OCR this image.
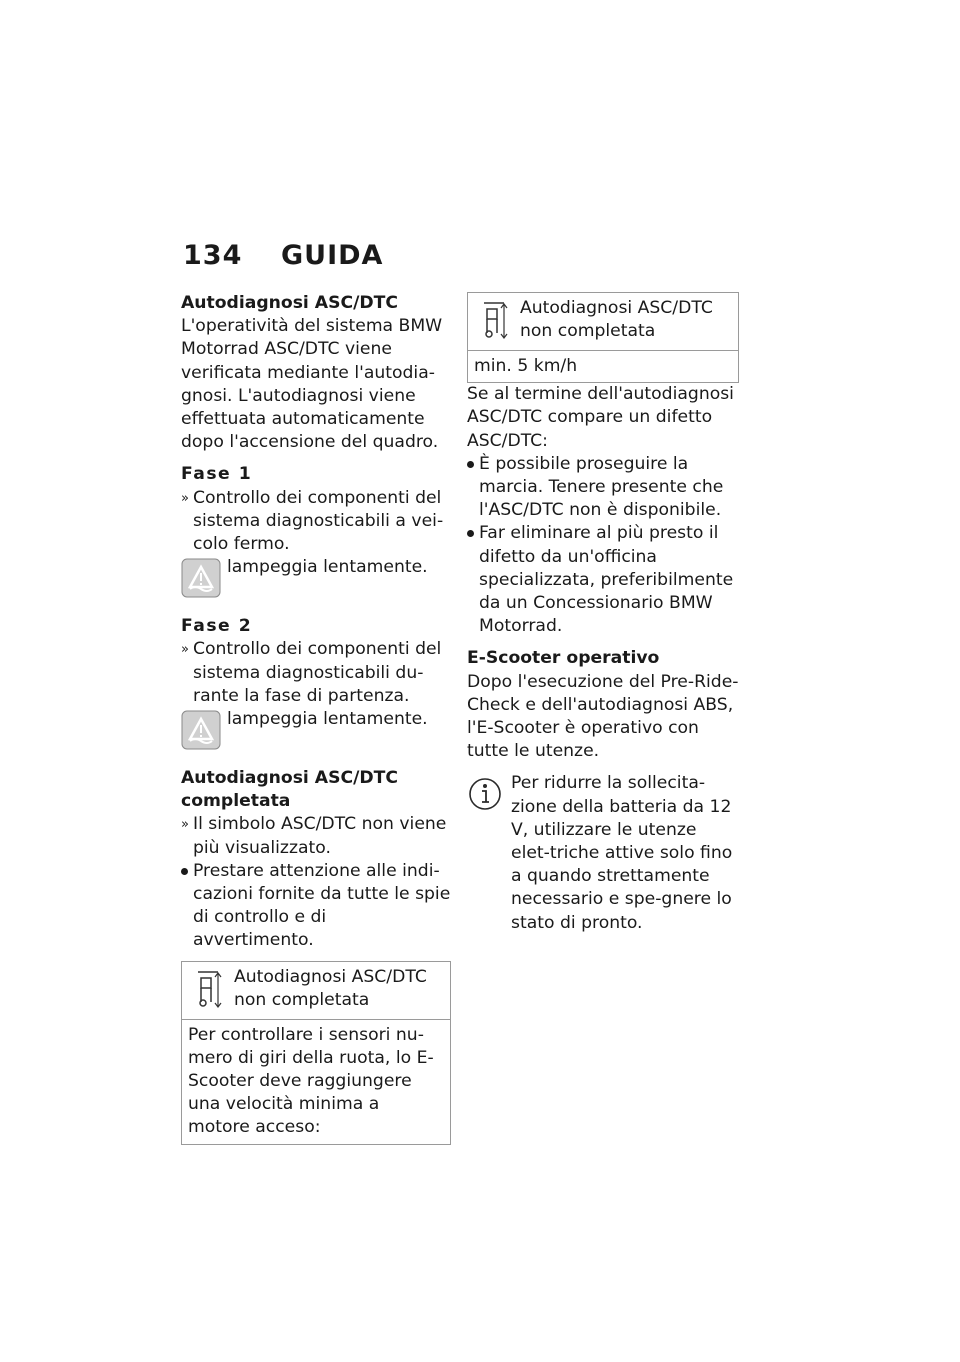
134	GUIDA

Autodiagnosi ASC/DTC

L'operatività del sistema BMW Motorrad ASC/DTC viene verificata mediante l'autodia-gnosi. L'autodiagnosi viene effettuata automaticamente dopo l'accensione del quadro.

Fase 1

» Controllo dei componenti del sistema diagnosticabili a vei-colo fermo.

lampeggia lentamente.

Fase 2

» Controllo dei componenti del sistema diagnosticabili du-rante la fase di partenza.

lampeggia lentamente.

Autodiagnosi ASC/DTC completata

» Il simbolo ASC/DTC non viene più visualizzato.

Prestare attenzione alle indi-cazioni fornite da tutte le spie di controllo e di avvertimento.

Autodiagnosi ASC/DTC non completata
Per controllare i sensori nu-mero di giri della ruota, lo E-Scooter deve raggiungere una velocità minima a motore acceso:
Autodiagnosi ASC/DTC non completata
min. 5 km/h

Se al termine dell'autodiagnosi ASC/DTC compare un difetto ASC/DTC:

È possibile proseguire la marcia. Tenere presente che l'ASC/DTC non è disponibile.

Far eliminare al più presto il difetto da un'officina specializzata, preferibilmente da un Concessionario BMW Motorrad.

E-Scooter operativo

Dopo l'esecuzione del Pre-Ride-Check e dell'autodiagnosi ABS, l'E-Scooter è operativo con tutte le utenze.

Per ridurre la sollecita-zione della batteria da 12 V, utilizzare le utenze elet-triche attive solo fino a quando strettamente necessario e spe-gnere lo stato di pronto.
